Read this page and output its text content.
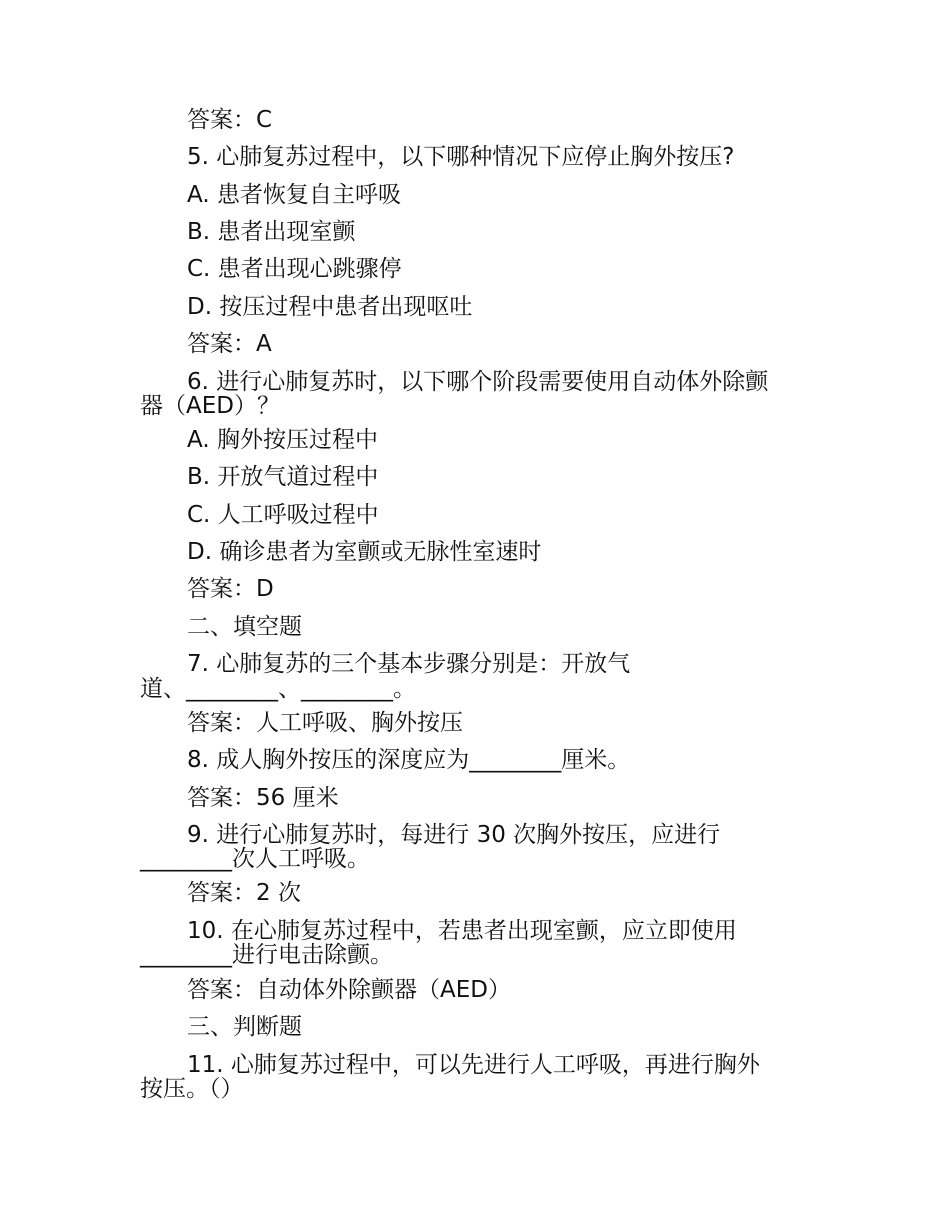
答案：C
5. 心肺复苏过程中，以下哪种情况下应停止胸外按压?
A. 患者恢复自主呼吸
B. 患者出现室颤
C. 患者出现心跳骤停
D. 按压过程中患者出现呕吐
答案：A
6. 进行心肺复苏时，以下哪个阶段需要使用自动体外除颤
器（AED）？
A. 胸外按压过程中
B. 开放气道过程中
C. 人工呼吸过程中
D. 确诊患者为室颤或无脉性室速时
答案：D
二、填空题
7. 心肺复苏的三个基本步骤分别是：开放气
道、________、________。
答案：人工呼吸、胸外按压
8. 成人胸外按压的深度应为________厘米。
答案：56 厘米
9. 进行心肺复苏时，每进行 30 次胸外按压，应进行
________次人工呼吸。
答案：2 次
10. 在心肺复苏过程中，若患者出现室颤，应立即使用
________进行电击除颤。
答案：自动体外除颤器（AED）
三、判断题
11. 心肺复苏过程中，可以先进行人工呼吸，再进行胸外
按压。（）
